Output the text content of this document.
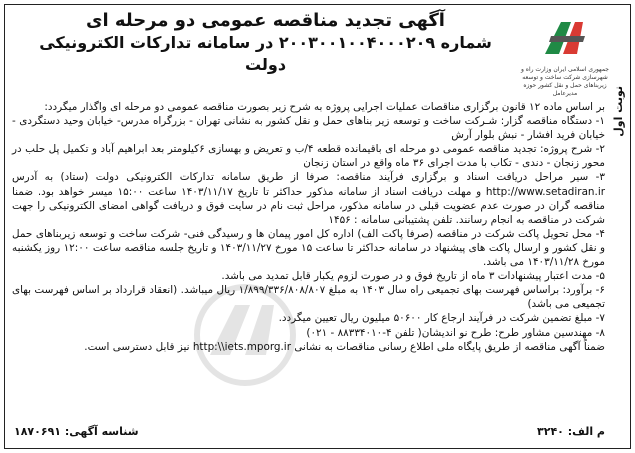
نوبت اول
جمهوری اسلامی ایران وزارت راه و شهرسازی شرکت ساخت و توسعه زیربناهای حمل و نقل کشور حوزه مدیرعامل
آگهی تجدید مناقصه عمومی دو مرحله ای
شماره ۲۰۰۳۰۰۱۰۰۴۰۰۰۲۰۹ در سامانه تدارکات الکترونیکی دولت

بر اساس ماده ۱۲ قانون برگزاری مناقصات عملیات اجرایی پروژه به شرح زیر بصورت مناقصه عمومی دو مرحله ای واگذار میگردد:

۱- دستگاه مناقصه گزار: شـرکت ساخت و توسعه زیر بناهای حمل و نقل کشور به نشانی تهران - بزرگراه مدرس- خیابان وحید دستگردی - خیابان فرید افشار - نبش بلوار آرش

۲- شرح پروژه: تجدید مناقصه عمومی دو مرحله ای باقیمانده قطعه ۴/ب و تعریض و بهسازی ۶کیلومتر بعد ابراهیم آباد و تکمیل پل حلب در محور زنجان - دندی - تکاب با مدت اجرای ۳۶ ماه واقع در استان زنجان

۳- سیر مراحل دریافت اسناد و برگزاری فرآیند مناقصه: صرفا از طریق سامانه تدارکات الکترونیکی دولت (ستاد) به آدرس http://www.setadiran.ir و مهلت دریافت اسناد از سامانه مذکور حداکثر تا تاریخ ۱۴۰۳/۱۱/۱۷ ساعت ۱۵:۰۰ میسر خواهد بود. ضمنا مناقصه گران در صورت عدم عضویت قبلی در سامانه مذکور، مراحل ثبت نام در سایت فوق و دریافت گواهی امضای الکترونیکی را جهت شرکت در مناقصه به انجام رسانند. تلفن پشتیبانی سامانه : ۱۴۵۶

۴- محل تحویل پاکت شرکت در مناقصه (صرفا پاکت الف) اداره کل امور پیمان ها و رسیدگی فنی- شرکت ساخت و توسعه زیربناهای حمل و نقل کشور و ارسال پاکت های پیشنهاد در سامانه حداکثر تا ساعت ۱۵ مورخ ۱۴۰۳/۱۱/۲۷ و تاریخ جلسه مناقصه ساعت ۱۲:۰۰ روز یکشنبه مورخ ۱۴۰۳/۱۱/۲۸ می باشد.

۵- مدت اعتبار پیشنهادات ۳ ماه از تاریخ فوق و در صورت لزوم یکبار قابل تمدید می باشد.

۶- برآورد: براساس فهرست بهای تجمیعی راه سال ۱۴۰۳ به مبلغ ۱/۸۹۹/۳۳۶/۸۰۸/۸۰۷ ریال میباشد. (انعقاد قرارداد بر اساس فهرست بهای تجمیعی می باشد)

۷- مبلغ تضمین شرکت در فرآیند ارجاع کار ۵۰۶۰۰ میلیون ریال تعیین میگردد.

۸- مهندسین مشاور طرح: طرح نو اندیشان( تلفن ۴-۸۸۳۳۴۰۱۰ - ۰۲۱)

ضمناً آگهی مناقصه از طریق پایگاه ملی اطلاع رسانی مناقصات به نشانی http:\\iets.mporg.ir نیز قابل دسترسی است.

م الف: ۳۲۴۰
شناسه آگهی: ۱۸۷۰۶۹۱
